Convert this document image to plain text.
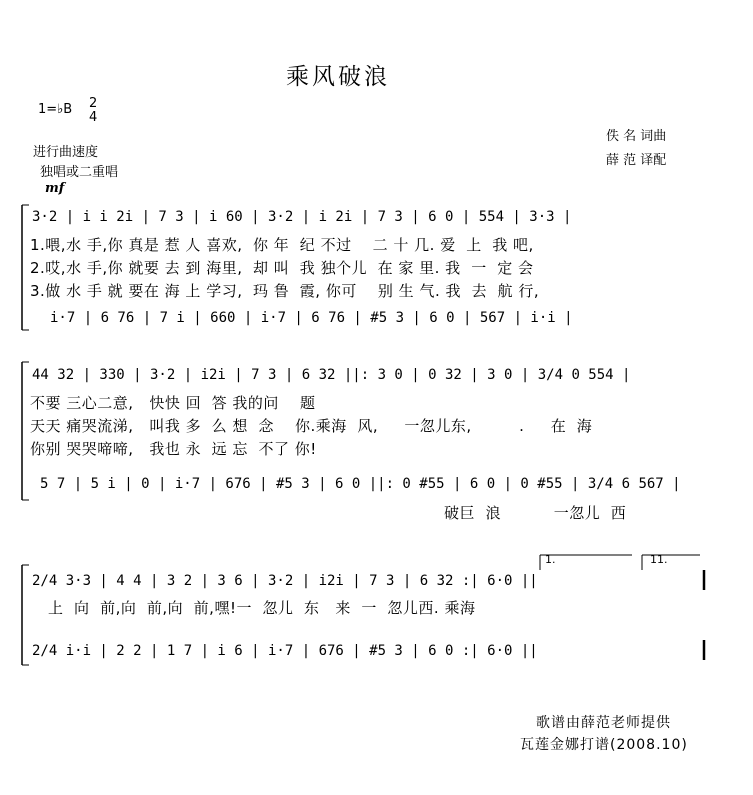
乘风破浪
1=♭B 2
4
进行曲速度
独唱或二重唱
mf
佚 名 词曲
薛 范 译配
3·2 | i i 2i | 7 3 | i 60 | 3·2 | i 2i | 7 3 | 6 0 | 554 | 3·3 |
1.喂,水 手,你 真是 惹 人 喜欢,  你 年  纪 不过    二 十 几. 爱  上  我 吧,
2.哎,水 手,你 就要 去 到 海里,  却 叫  我 独个儿  在 家 里. 我  一  定 会
3.做 水 手 就 要在 海 上 学习,  玛 鲁  霞, 你可    别 生 气. 我  去  航 行,
i·7 | 6 76 | 7 i | 660 | i·7 | 6 76 | #5 3 | 6 0 | 567 | i·i |
44 32 | 330 | 3·2 | i2i | 7 3 | 6 32 ||: 3 0 | 0 32 | 3 0 | 3/4 0 554 |
不要 三心二意,   快快 回  答 我的问    题
天天 痛哭流涕,   叫我 多  么 想  念    你.乘海  风,     一忽儿东,         .     在  海
你别 哭哭啼啼,   我也 永  远 忘  不了 你!
5 7 | 5 i | 0 | i·7 | 676 | #5 3 | 6 0 ||: 0 #55 | 6 0 | 0 #55 | 3/4 6 567 |
破巨  浪          一忽儿  西
1.	11.
2/4 3·3 | 4 4 | 3 2 | 3 6 | 3·2 | i2i | 7 3 | 6 32 :| 6·0 ||
上  向  前,向  前,向  前,嘿!一  忽儿  东   来  一  忽儿西. 乘海
2/4 i·i | 2 2 | 1 7 | i 6 | i·7 | 676 | #5 3 | 6 0 :| 6·0 ||
歌谱由薛范老师提供
瓦莲金娜打谱(2008.10)
